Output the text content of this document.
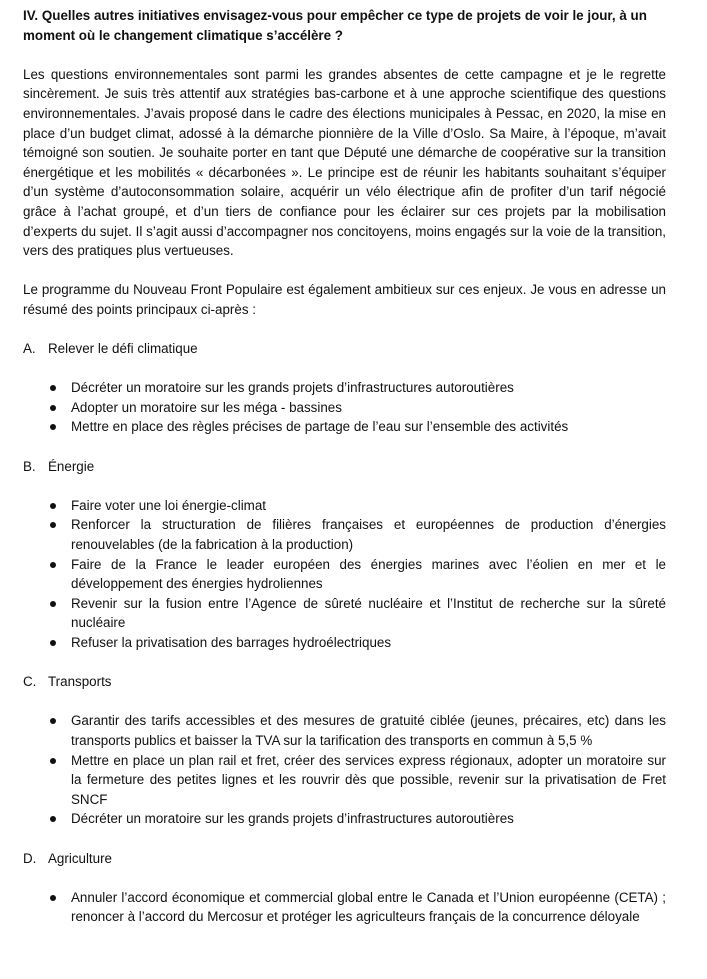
IV. Quelles autres initiatives envisagez-vous pour empêcher ce type de projets de voir le jour, à un moment où le changement climatique s’accélère ?

Les questions environnementales sont parmi les grandes absentes de cette campagne et je le regrette sincèrement. Je suis très attentif aux stratégies bas-carbone et à une approche scientifique des questions environnementales. J’avais proposé dans le cadre des élections municipales à Pessac, en 2020, la mise en place d’un budget climat, adossé à la démarche pionnière de la Ville d’Oslo. Sa Maire, à l’époque, m’avait témoigné son soutien. Je souhaite porter en tant que Député une démarche de coopérative sur la transition énergétique et les mobilités « décarbonées ». Le principe est de réunir les habitants souhaitant s’équiper d’un système d’autoconsommation solaire, acquérir un vélo électrique afin de profiter d’un tarif négocié grâce à l’achat groupé, et d’un tiers de confiance pour les éclairer sur ces projets par la mobilisation d’experts du sujet. Il s’agit aussi d’accompagner nos concitoyens, moins engagés sur la voie de la transition, vers des pratiques plus vertueuses.

Le programme du Nouveau Front Populaire est également ambitieux sur ces enjeux. Je vous en adresse un résumé des points principaux ci-après :

A. Relever le défi climatique
Décréter un moratoire sur les grands projets d’infrastructures autoroutières
Adopter un moratoire sur les méga - bassines
Mettre en place des règles précises de partage de l’eau sur l’ensemble des activités
B. Énergie
Faire voter une loi énergie-climat
Renforcer la structuration de filières françaises et européennes de production d’énergies renouvelables (de la fabrication à la production)
Faire de la France le leader européen des énergies marines avec l’éolien en mer et le développement des énergies hydroliennes
Revenir sur la fusion entre l’Agence de sûreté nucléaire et l’Institut de recherche sur la sûreté nucléaire
Refuser la privatisation des barrages hydroélectriques
C. Transports
Garantir des tarifs accessibles et des mesures de gratuité ciblée (jeunes, précaires, etc) dans les transports publics et baisser la TVA sur la tarification des transports en commun à 5,5 %
Mettre en place un plan rail et fret, créer des services express régionaux, adopter un moratoire sur la fermeture des petites lignes et les rouvrir dès que possible, revenir sur la privatisation de Fret SNCF
Décréter un moratoire sur les grands projets d’infrastructures autoroutières
D. Agriculture
Annuler l’accord économique et commercial global entre le Canada et l’Union européenne (CETA) ; renoncer à l’accord du Mercosur et protéger les agriculteurs français de la concurrence déloyale
